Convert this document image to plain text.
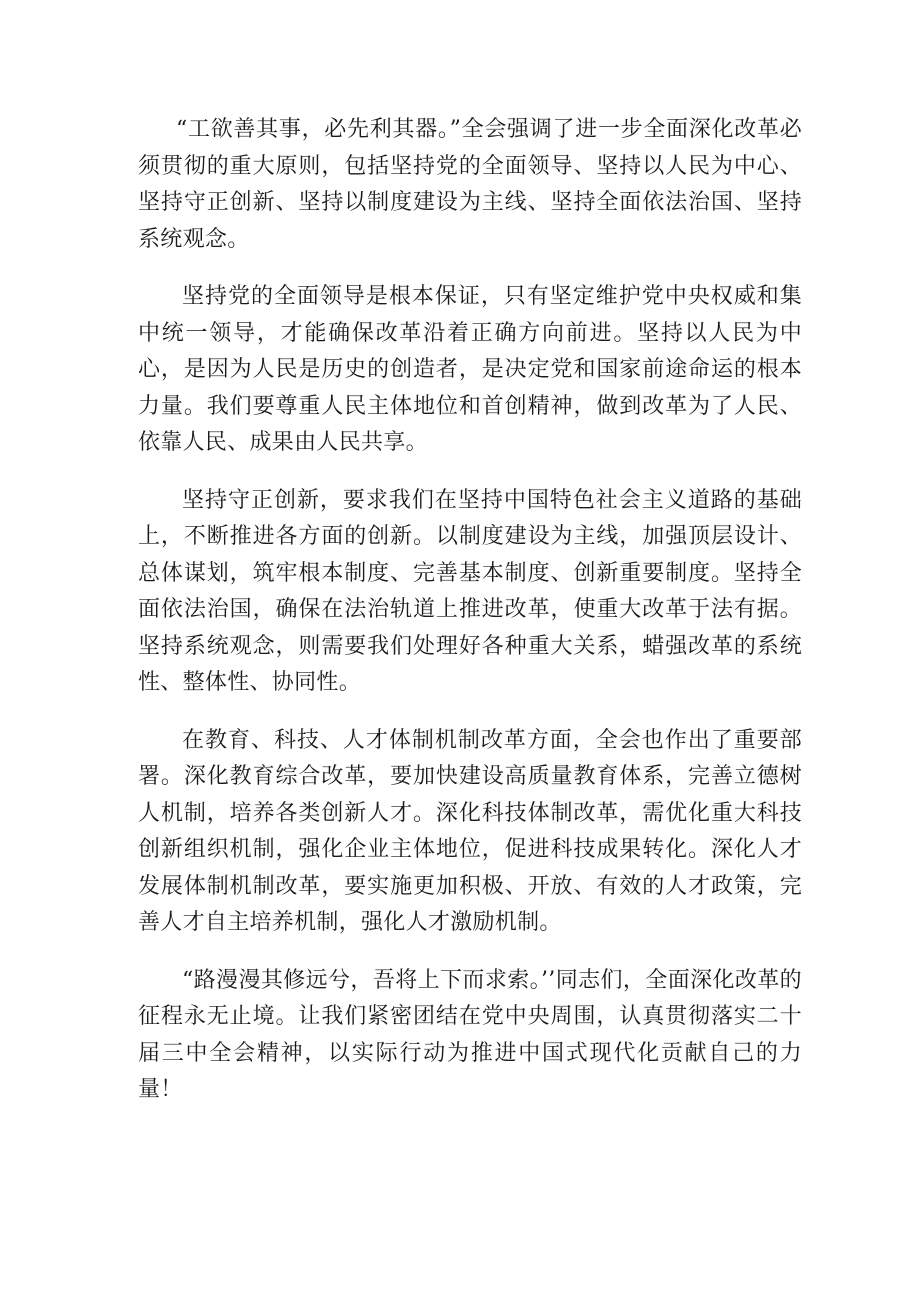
“工欲善其事，必先利其器。”全会强调了进一步全面深化改革必须贯彻的重大原则，包括坚持党的全面领导、坚持以人民为中心、坚持守正创新、坚持以制度建设为主线、坚持全面依法治国、坚持系统观念。

坚持党的全面领导是根本保证，只有坚定维护党中央权威和集中统一领导，才能确保改革沿着正确方向前进。坚持以人民为中心，是因为人民是历史的创造者，是决定党和国家前途命运的根本力量。我们要尊重人民主体地位和首创精神，做到改革为了人民、依靠人民、成果由人民共享。

坚持守正创新，要求我们在坚持中国特色社会主义道路的基础上，不断推进各方面的创新。以制度建设为主线，加强顶层设计、总体谋划，筑牢根本制度、完善基本制度、创新重要制度。坚持全面依法治国，确保在法治轨道上推进改革，使重大改革于法有据。坚持系统观念，则需要我们处理好各种重大关系，蜡强改革的系统性、整体性、协同性。

在教育、科技、人才体制机制改革方面，全会也作出了重要部署。深化教育综合改革，要加快建设高质量教育体系，完善立德树人机制，培养各类创新人才。深化科技体制改革，需优化重大科技创新组织机制，强化企业主体地位，促进科技成果转化。深化人才发展体制机制改革，要实施更加积极、开放、有效的人才政策，完善人才自主培养机制，强化人才激励机制。

“路漫漫其修远兮，吾将上下而求索。’’同志们，全面深化改革的征程永无止境。让我们紧密团结在党中央周围，认真贯彻落实二十届三中全会精神，以实际行动为推进中国式现代化贡献自己的力量！
